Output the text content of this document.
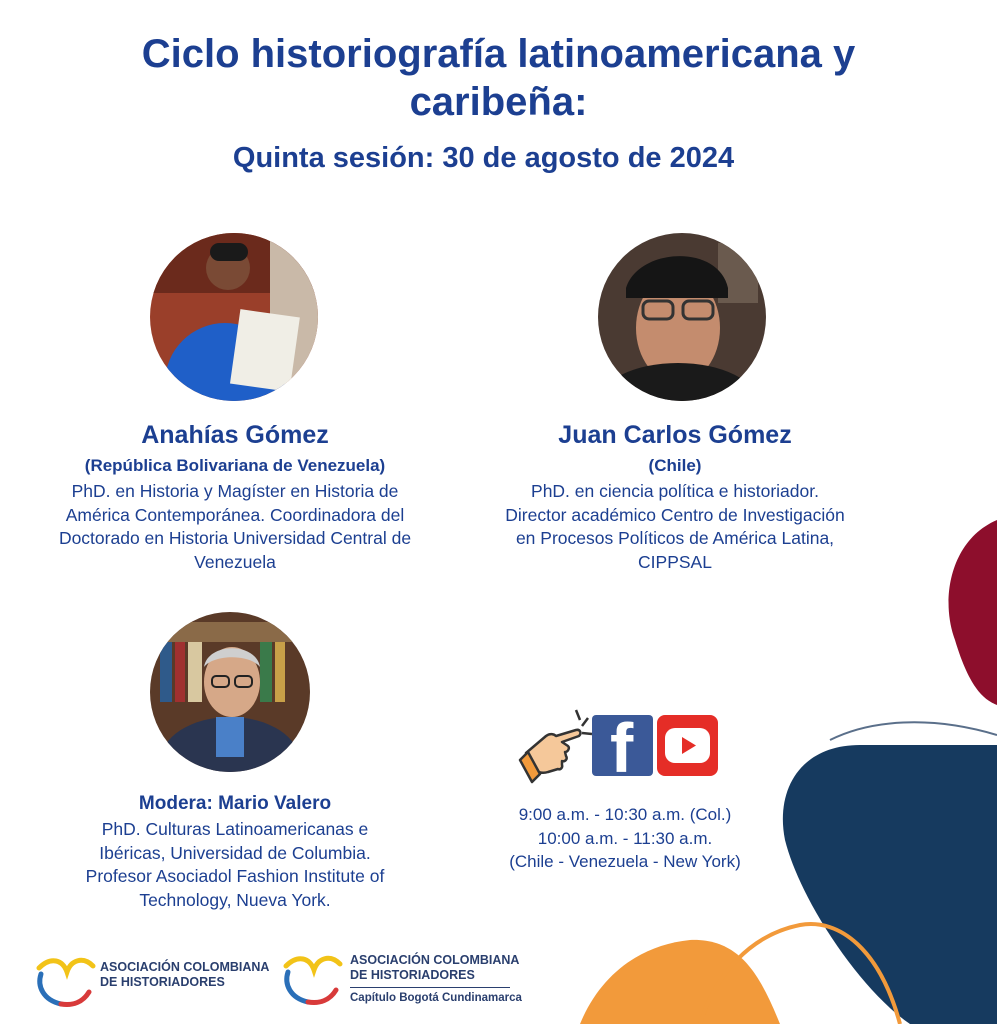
Ciclo historiografía latinoamericana y
caribeña:
Quinta sesión: 30 de agosto de 2024
Anahías Gómez
(República Bolivariana de Venezuela)
PhD. en Historia y Magíster en Historia de
América Contemporánea. Coordinadora del
Doctorado en Historia Universidad Central de
Venezuela
Juan Carlos Gómez
(Chile)
PhD. en ciencia política e historiador.
Director académico Centro de Investigación
en Procesos Políticos de América Latina,
CIPPSAL
Modera: Mario Valero
PhD. Culturas Latinoamericanas e
Ibéricas, Universidad de Columbia.
Profesor Asociadol Fashion Institute of
Technology, Nueva York.
f
9:00 a.m. - 10:30 a.m. (Col.)
10:00 a.m. - 11:30 a.m.
(Chile - Venezuela - New York)
ASOCIACIÓN COLOMBIANA
DE HISTORIADORES
ASOCIACIÓN COLOMBIANA
DE HISTORIADORES
Capítulo Bogotá Cundinamarca
